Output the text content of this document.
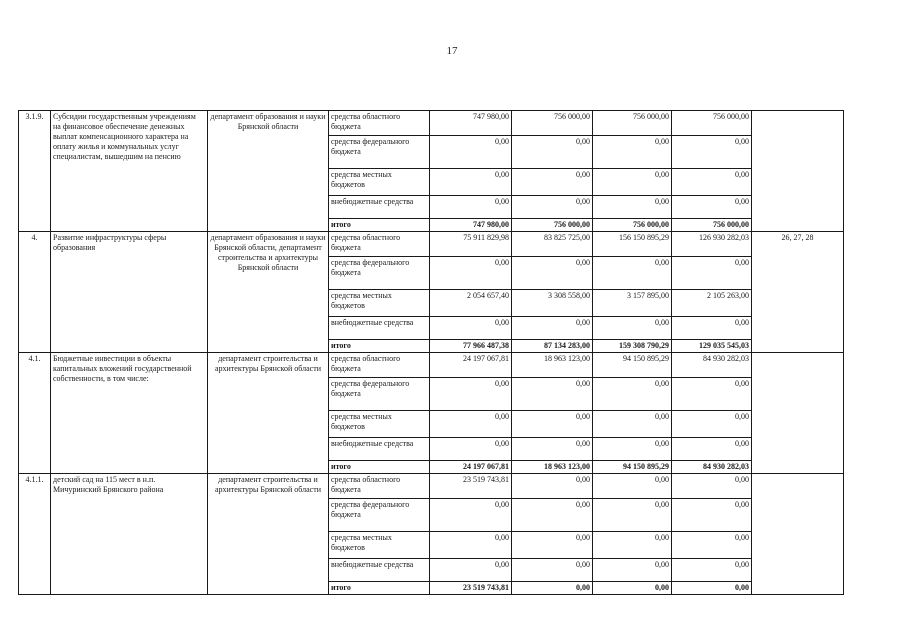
17
3.1.9.	Субсидии государственным учреждениям на финансовое обеспечение денежных выплат компенсационного характера на оплату жилья и коммунальных услуг специалистам, вышедшим на пенсию	департамент образования и науки Брянской области	средства областного бюджета	747 980,00	756 000,00	756 000,00	756 000,00	
			средства федерального бюджета	0,00	0,00	0,00	0,00	
			средства местных бюджетов	0,00	0,00	0,00	0,00	
			внебюджетные средства	0,00	0,00	0,00	0,00	
			итого	747 980,00	756 000,00	756 000,00	756 000,00	
4.	Развитие инфраструктуры сферы образования	департамент образования и науки Брянской области, департамент строительства и архитектуры Брянской области	средства областного бюджета	75 911 829,98	83 825 725,00	156 150 895,29	126 930 282,03	26, 27, 28
			средства федерального бюджета	0,00	0,00	0,00	0,00	
			средства местных бюджетов	2 054 657,40	3 308 558,00	3 157 895,00	2 105 263,00	
			внебюджетные средства	0,00	0,00	0,00	0,00	
			итого	77 966 487,38	87 134 283,00	159 308 790,29	129 035 545,03	
4.1.	Бюджетные инвестиции в объекты капитальных вложений государственной собственности, в том числе:	департамент строительства и архитектуры Брянской области	средства областного бюджета	24 197 067,81	18 963 123,00	94 150 895,29	84 930 282,03	
			средства федерального бюджета	0,00	0,00	0,00	0,00	
			средства местных бюджетов	0,00	0,00	0,00	0,00	
			внебюджетные средства	0,00	0,00	0,00	0,00	
			итого	24 197 067,81	18 963 123,00	94 150 895,29	84 930 282,03	
4.1.1.	детский сад на 115 мест в н.п. Мичуринский Брянского района	департамент строительства и архитектуры Брянской области	средства областного бюджета	23 519 743,81	0,00	0,00	0,00	
			средства федерального бюджета	0,00	0,00	0,00	0,00	
			средства местных бюджетов	0,00	0,00	0,00	0,00	
			внебюджетные средства	0,00	0,00	0,00	0,00	
			итого	23 519 743,81	0,00	0,00	0,00	
